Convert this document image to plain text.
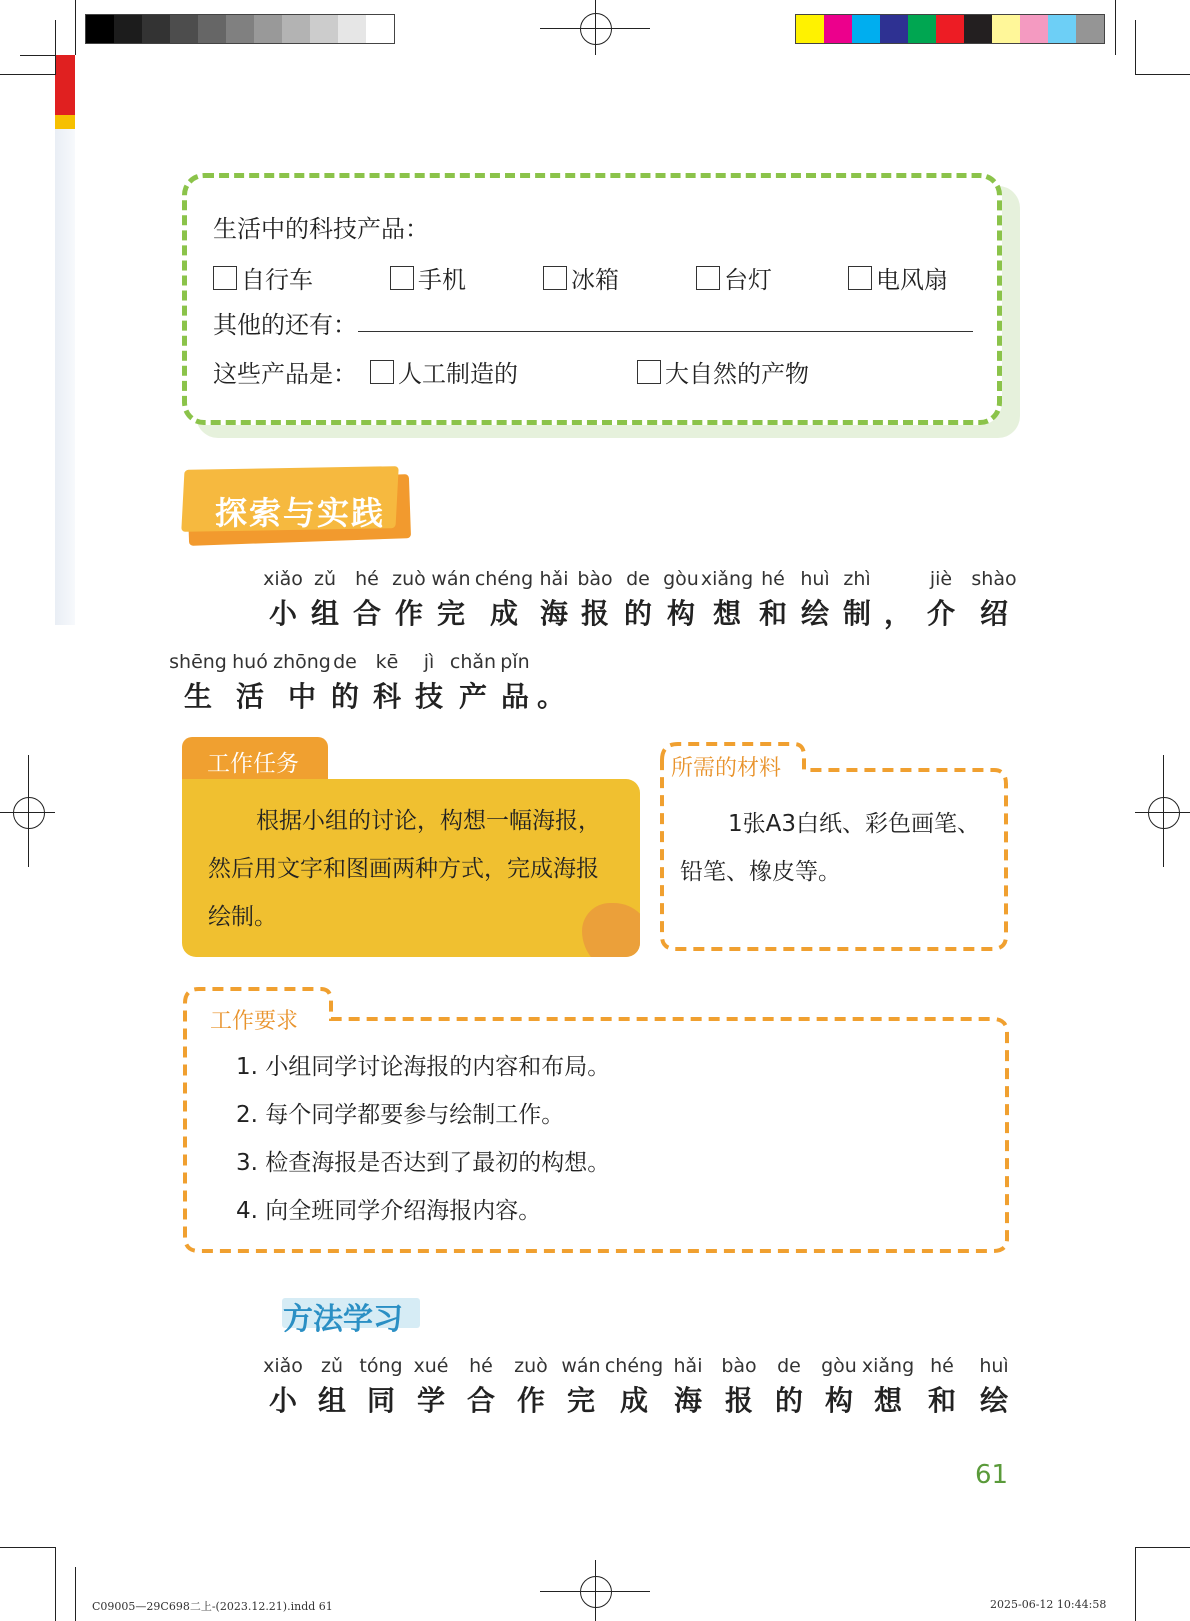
生活中的科技产品：
自行车	手机	冰箱	台灯	电风扇
其他的还有：
这些产品是： 人工制造的	大自然的产物
探索与实践
xiǎo
小
zǔ
组
hé
合
zuò
作
wán
完
chéng
成
hǎi
海
bào
报
de
的
gòu
构
xiǎng
想
hé
和
huì
绘
zhì
制
，
jiè
介
shào
绍
shēng
生
huó
活
zhōng
中
de
的
kē
科
jì
技
chǎn
产
pǐn
品
。
工作任务
根据小组的讨论，构想一幅海报，然后用文字和图画两种方式，完成海报绘制。
所需的材料
1张A3白纸、彩色画笔、铅笔、橡皮等。
工作要求
1. 小组同学讨论海报的内容和布局。
2. 每个同学都要参与绘制工作。
3. 检查海报是否达到了最初的构想。
4. 向全班同学介绍海报内容。
方法学习
xiǎo
小
zǔ
组
tóng
同
xué
学
hé
合
zuò
作
wán
完
chéng
成
hǎi
海
bào
报
de
的
gòu
构
xiǎng
想
hé
和
huì
绘
61
C09005—29C698二上-(2023.12.21).indd 61	2025-06-12 10:44:58
